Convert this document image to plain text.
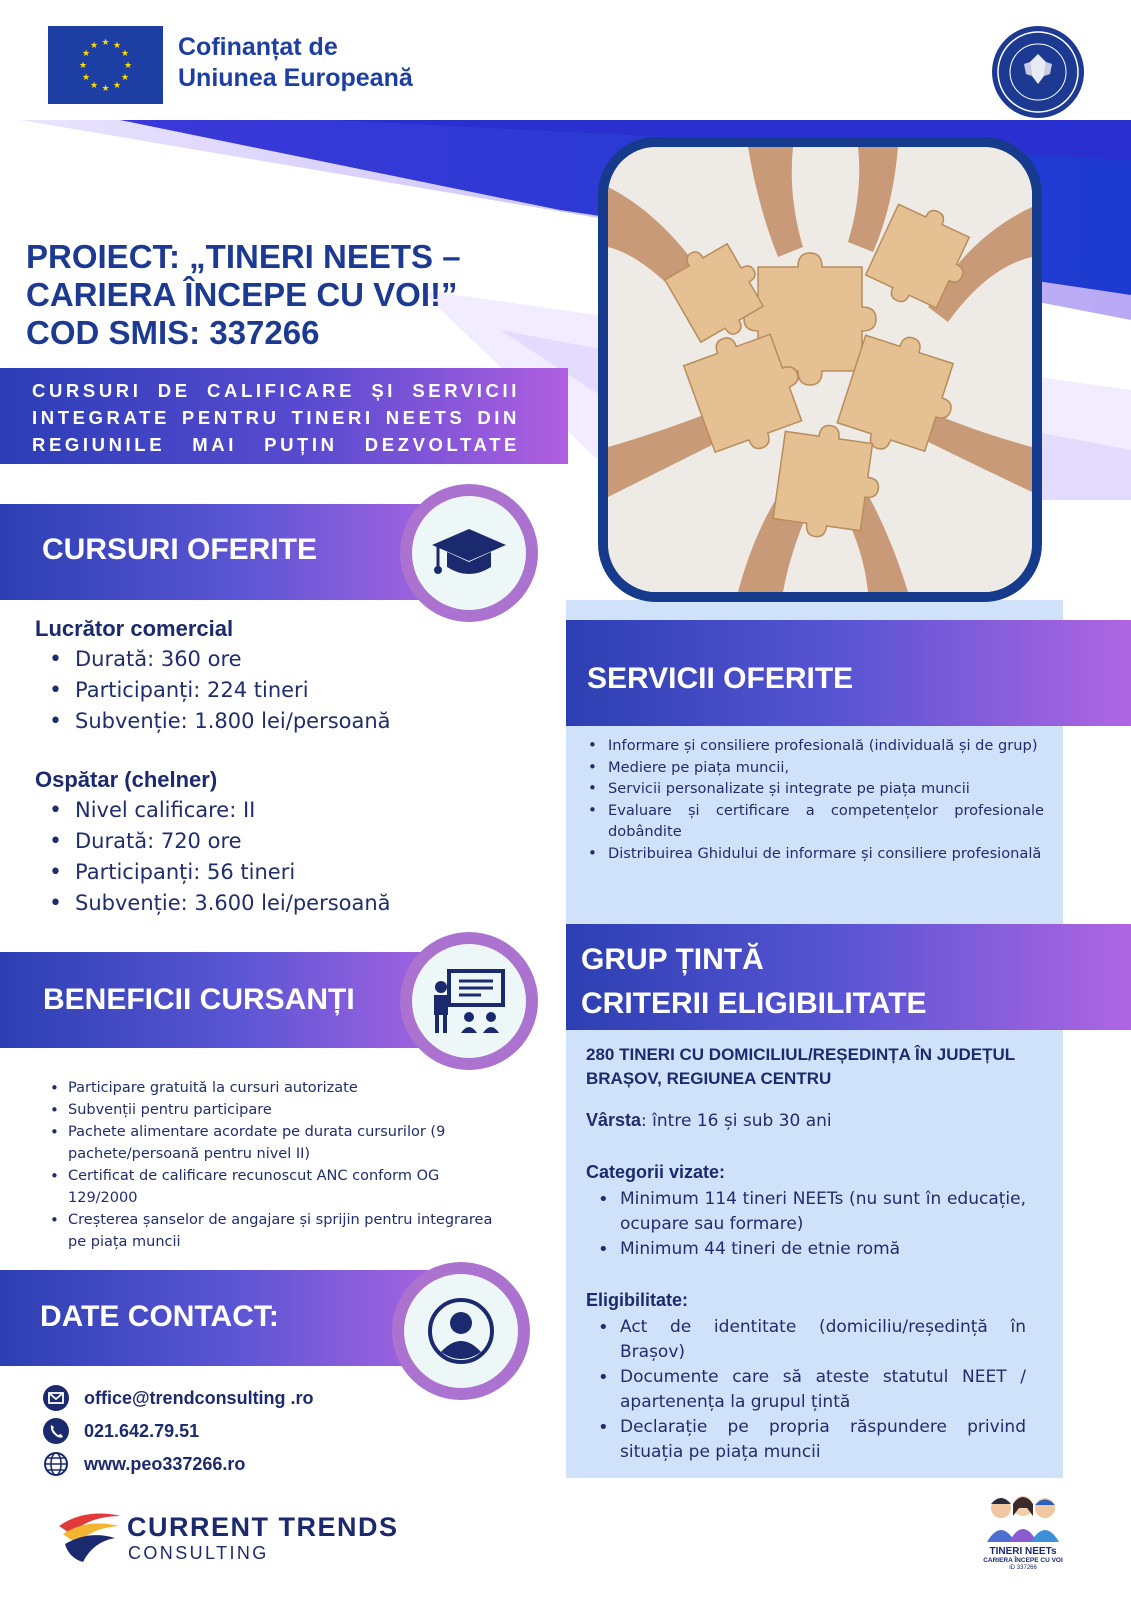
★ ★
★
★
★
★
★
★
★
★
★
★	Cofinanțat de
Uniunea Europeană
PROIECT: „TINERI NEETS –
CARIERA ÎNCEPE CU VOI!”
COD SMIS: 337266
CURSURI DE CALIFICARE ȘI SERVICII INTEGRATE PENTRU TINERI NEETS DIN REGIUNILE MAI PUȚIN DEZVOLTATE
CURSURI OFERITE
Lucrător comercial
• Durată: 360 ore
• Participanți: 224 tineri
• Subvenție: 1.800 lei/persoană
Ospătar (chelner)
• Nivel calificare: II
• Durată: 720 ore
• Participanți: 56 tineri
• Subvenție: 3.600 lei/persoană
BENEFICII CURSANȚI
• Participare gratuită la cursuri autorizate
• Subvenții pentru participare
• Pachete alimentare acordate pe durata cursurilor (9 pachete/persoană pentru nivel II)
• Certificat de calificare recunoscut ANC conform OG 129/2000
• Creșterea șanselor de angajare și sprijin pentru integrarea pe piața muncii
DATE CONTACT:
office@trendconsulting .ro
021.642.79.51
www.peo337266.ro
CURRENT TRENDS
CONSULTING	TINERI NEETs
CARIERA ÎNCEPE CU VOI
ID 337266
SERVICII OFERITE
• Informare și consiliere profesională (individuală și de grup)
• Mediere pe piața muncii,
• Servicii personalizate și integrate pe piața muncii
• Evaluare și certificare a competențelor profesionale dobândite
• Distribuirea Ghidului de informare și consiliere profesională
GRUP ȚINTĂ
CRITERII ELIGIBILITATE
280 TINERI CU DOMICILIUL/REȘEDINȚA ÎN JUDEȚUL BRAȘOV, REGIUNEA CENTRU
Vârsta: între 16 și sub 30 ani
Categorii vizate:
• Minimum 114 tineri NEETs (nu sunt în educație, ocupare sau formare)
• Minimum 44 tineri de etnie romă
Eligibilitate:
• Act de identitate (domiciliu/reședință în Brașov)
• Documente care să ateste statutul NEET / apartenența la grupul țintă
• Declarație pe propria răspundere privind situația pe piața muncii
